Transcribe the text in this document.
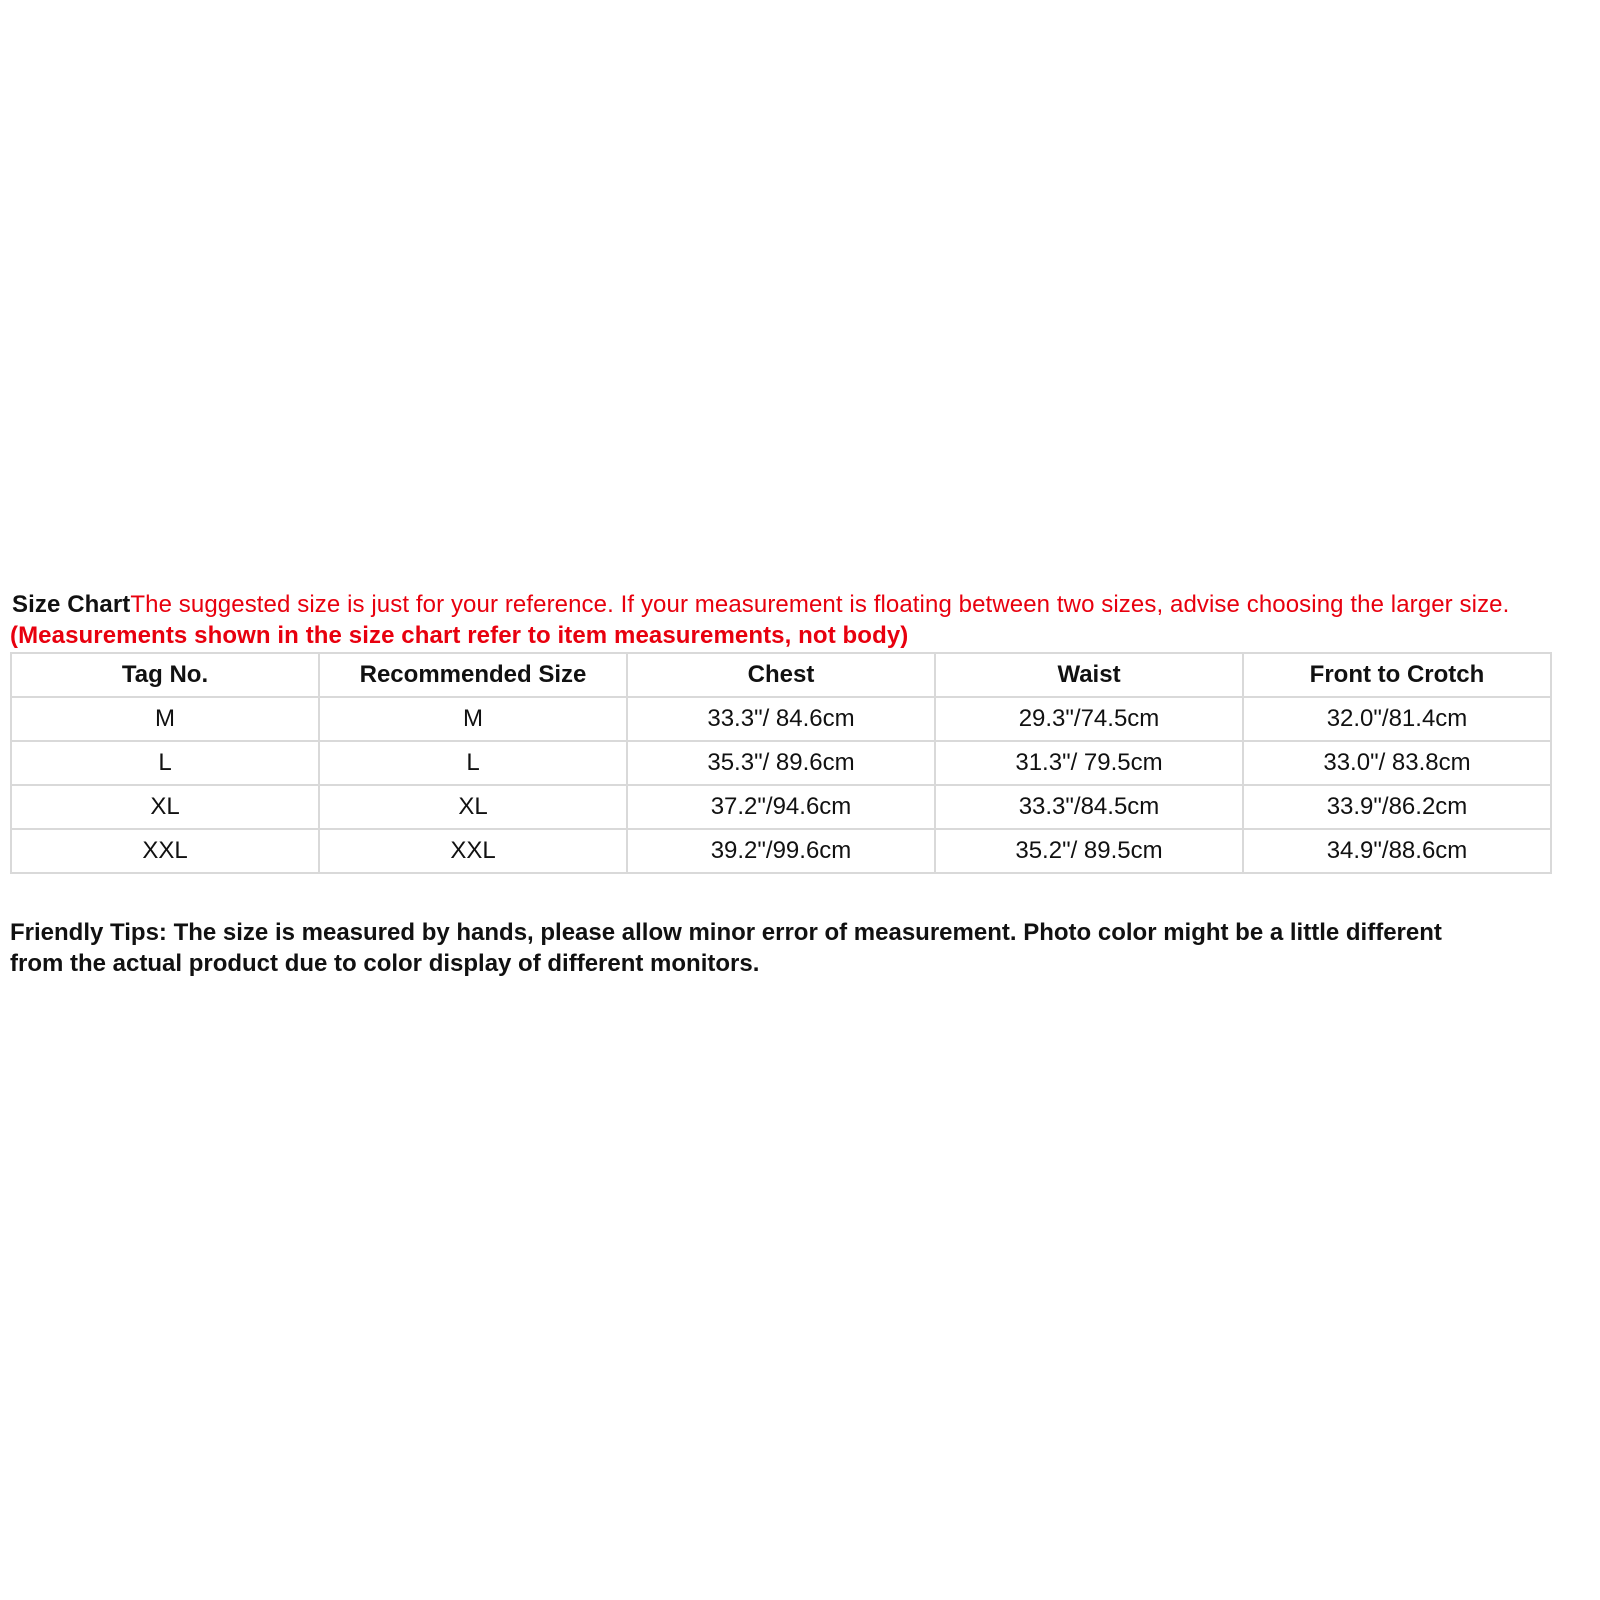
Size ChartThe suggested size is just for your reference. If your measurement is floating between two sizes, advise choosing the larger size. (Measurements shown in the size chart refer to item measurements, not body)

Tag No.	Recommended Size	Chest	Waist	Front to Crotch
M	M	33.3"/ 84.6cm	29.3"/74.5cm	32.0"/81.4cm
L	L	35.3"/ 89.6cm	31.3"/ 79.5cm	33.0"/ 83.8cm
XL	XL	37.2"/94.6cm	33.3"/84.5cm	33.9"/86.2cm
XXL	XXL	39.2"/99.6cm	35.2"/ 89.5cm	34.9"/88.6cm

Friendly Tips: The size is measured by hands, please allow minor error of measurement. Photo color might be a little different from the actual product due to color display of different monitors.
